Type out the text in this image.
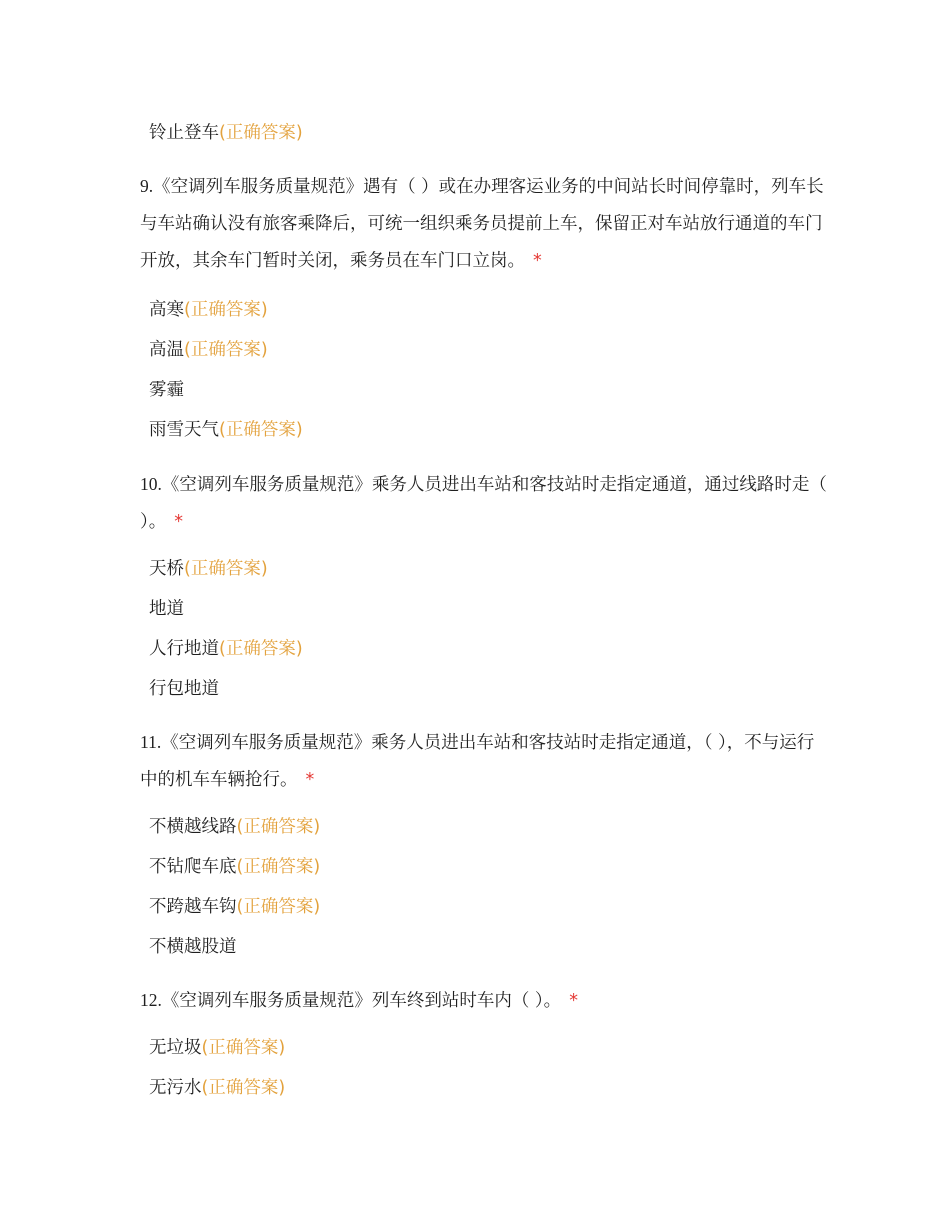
铃止登车(正确答案)
9.《空调列车服务质量规范》遇有（ ）或在办理客运业务的中间站长时间停靠时，列车长与车站确认没有旅客乘降后，可统一组织乘务员提前上车，保留正对车站放行通道的车门开放，其余车门暂时关闭，乘务员在车门口立岗。 *
高寒(正确答案)
高温(正确答案)
雾霾
雨雪天气(正确答案)
10.《空调列车服务质量规范》乘务人员进出车站和客技站时走指定通道，通过线路时走（ ）。 *
天桥(正确答案)
地道
人行地道(正确答案)
行包地道
11.《空调列车服务质量规范》乘务人员进出车站和客技站时走指定通道，（ ），不与运行中的机车车辆抢行。 *
不横越线路(正确答案)
不钻爬车底(正确答案)
不跨越车钩(正确答案)
不横越股道
12.《空调列车服务质量规范》列车终到站时车内（ ）。 *
无垃圾(正确答案)
无污水(正确答案)
